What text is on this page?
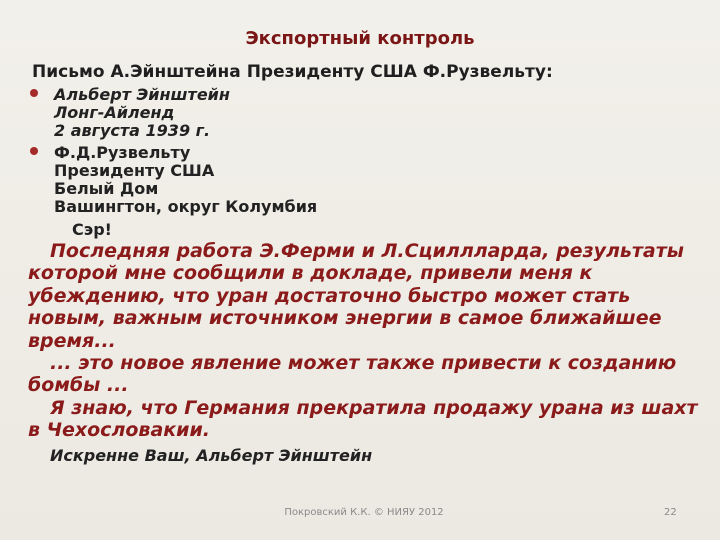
Экспортный контроль
Письмо А.Эйнштейна Президенту США Ф.Рузвельту:
Альберт Эйнштейн
Лонг-Айленд
2 августа 1939 г.
Ф.Д.Рузвельту
Президенту США
Белый Дом
Вашингтон, округ Колумбия
Сэр!

Последняя работа Э.Ферми и Л.Сциллларда, результаты которой мне сообщили в докладе, привели меня к убеждению, что уран достаточно быстро может стать новым, важным источником энергии в самое ближайшее время...

... это новое явление может также привести к созданию бомбы ...

Я знаю, что Германия прекратила продажу урана из шахт в Чехословакии.

Искренне Ваш, Альберт Эйнштейн
Покровский К.К. © НИЯУ 2012	22
